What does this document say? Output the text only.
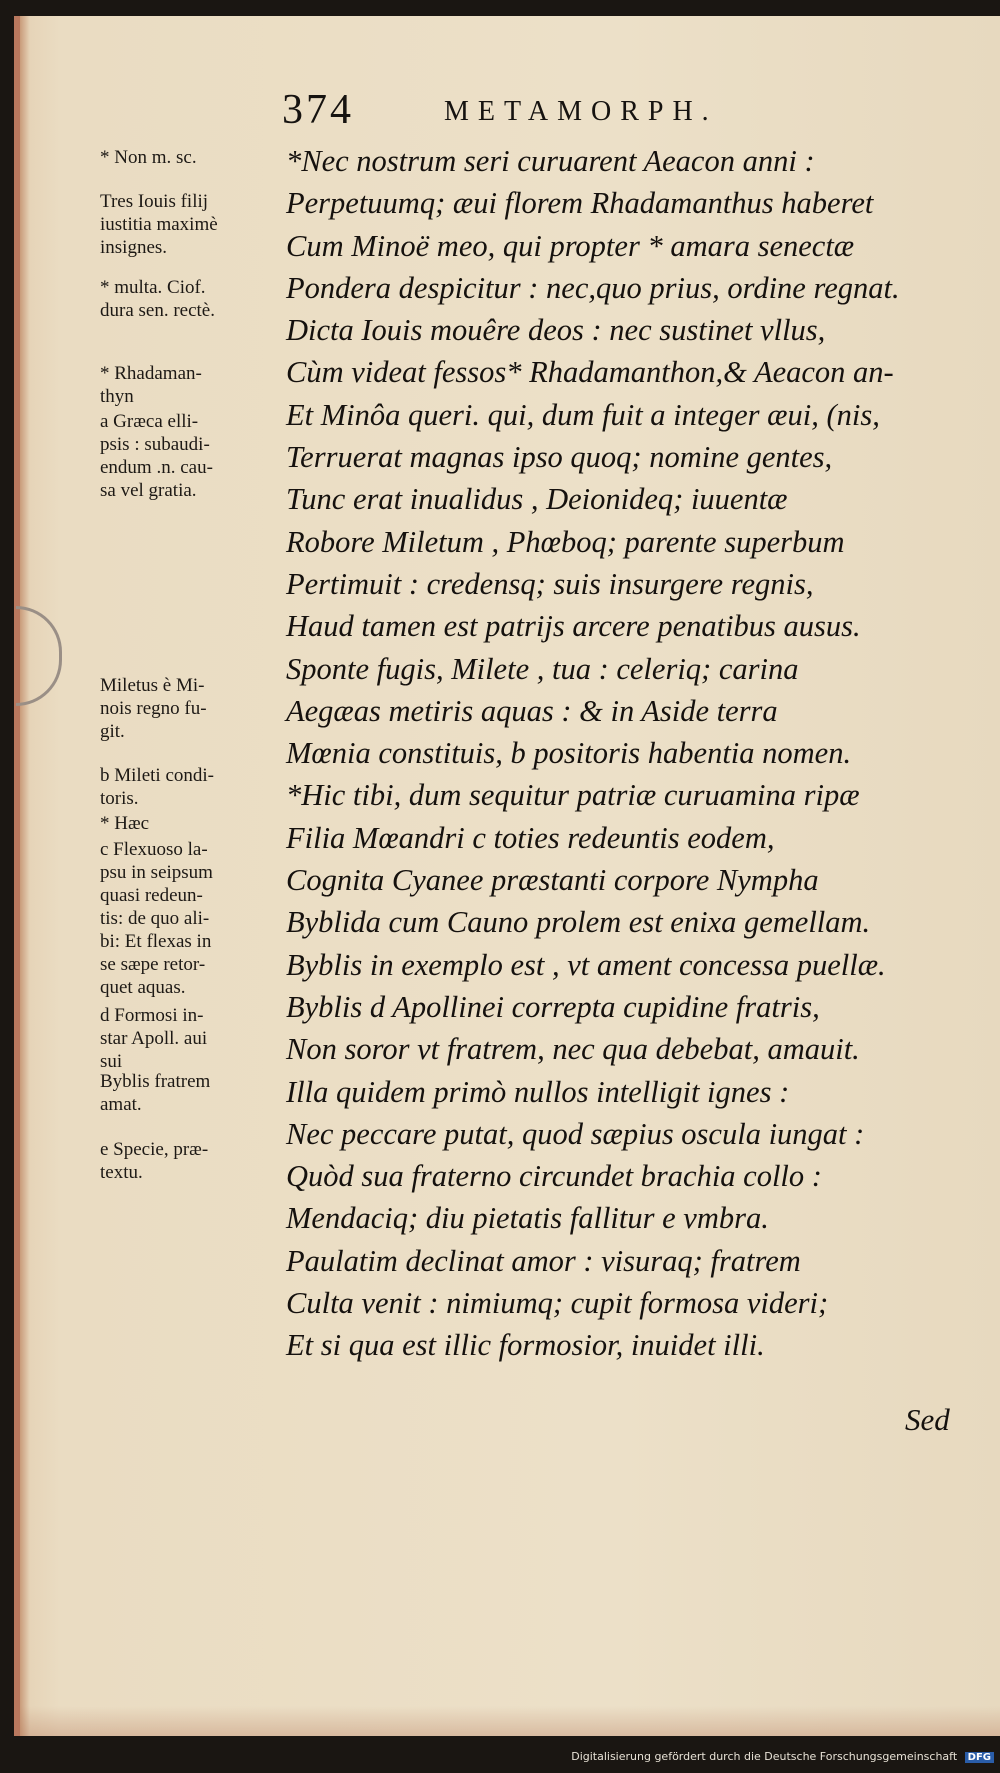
374	METAMORPH.

* Non m. sc.

Tres Iouis filij
iustitia maximè
insignes.

* multa. Ciof.
dura sen. rectè.

* Rhadaman-
thyn

a Græca elli-
psis : subaudi-
endum .n. cau-
sa vel gratia.

Miletus è Mi-
nois regno fu-
git.

b Mileti condi-
toris.

* Hæc

c Flexuoso la-
psu in seipsum
quasi redeun-
tis: de quo ali-
bi: Et flexas in
se sæpe retor-
quet aquas.

d Formosi in-
star Apoll. aui
sui

Byblis fratrem
amat.

e Specie, præ-
textu.

*Nec nostrum seri curuarent Aeacon anni :
Perpetuumq; æui florem Rhadamanthus haberet
Cum Minoë meo, qui propter * amara senectæ
Pondera despicitur : nec,quo prius, ordine regnat.
Dicta Iouis mouêre deos : nec sustinet vllus,
Cùm videat fessos* Rhadamanthon,& Aeacon an-
Et Minôa queri. qui, dum fuit a integer æui, (nis,
Terruerat magnas ipso quoq; nomine gentes,
Tunc erat inualidus , Deionideq; iuuentæ
Robore Miletum , Phœboq; parente superbum
Pertimuit : credensq; suis insurgere regnis,
Haud tamen est patrijs arcere penatibus ausus.
Sponte fugis, Milete , tua : celeriq; carina
Aegæas metiris aquas : & in Aside terra
Mœnia constituis, b positoris habentia nomen.
*Hic tibi, dum sequitur patriæ curuamina ripæ
Filia Mœandri c toties redeuntis eodem,
Cognita Cyanee præstanti corpore Nympha
Byblida cum Cauno prolem est enixa gemellam.
Byblis in exemplo est , vt ament concessa puellæ.
Byblis d Apollinei correpta cupidine fratris,
Non soror vt fratrem, nec qua debebat, amauit.
Illa quidem primò nullos intelligit ignes :
Nec peccare putat, quod sæpius oscula iungat :
Quòd sua fraterno circundet brachia collo :
Mendaciq; diu pietatis fallitur e vmbra.
Paulatim declinat amor : visuraq; fratrem
Culta venit : nimiumq; cupit formosa videri;
Et si qua est illic formosior, inuidet illi.
Sed
Digitalisierung gefördert durch die Deutsche Forschungsgemeinschaft DFG
